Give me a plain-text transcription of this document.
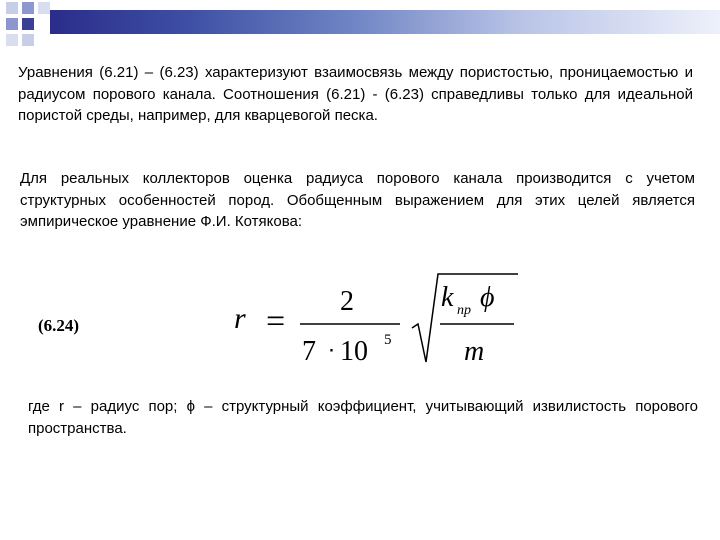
Уравнения (6.21) – (6.23) характеризуют взаимосвязь между пористостью, проницаемостью и радиусом порового канала. Соотношения (6.21) - (6.23) справедливы только для идеальной пористой среды, например, для кварцевогой песка.

Для реальных коллекторов оценка радиуса порового канала производится с учетом структурных особенностей пород. Обобщенным выражением для этих целей является эмпирическое уравнение Ф.И. Котякова:

(6.24)	r =
2
7 ⋅ 10 5
k пр ϕ
m

где r – радиус пор; ϕ – структурный коэффициент, учитывающий извилистость порового пространства.
